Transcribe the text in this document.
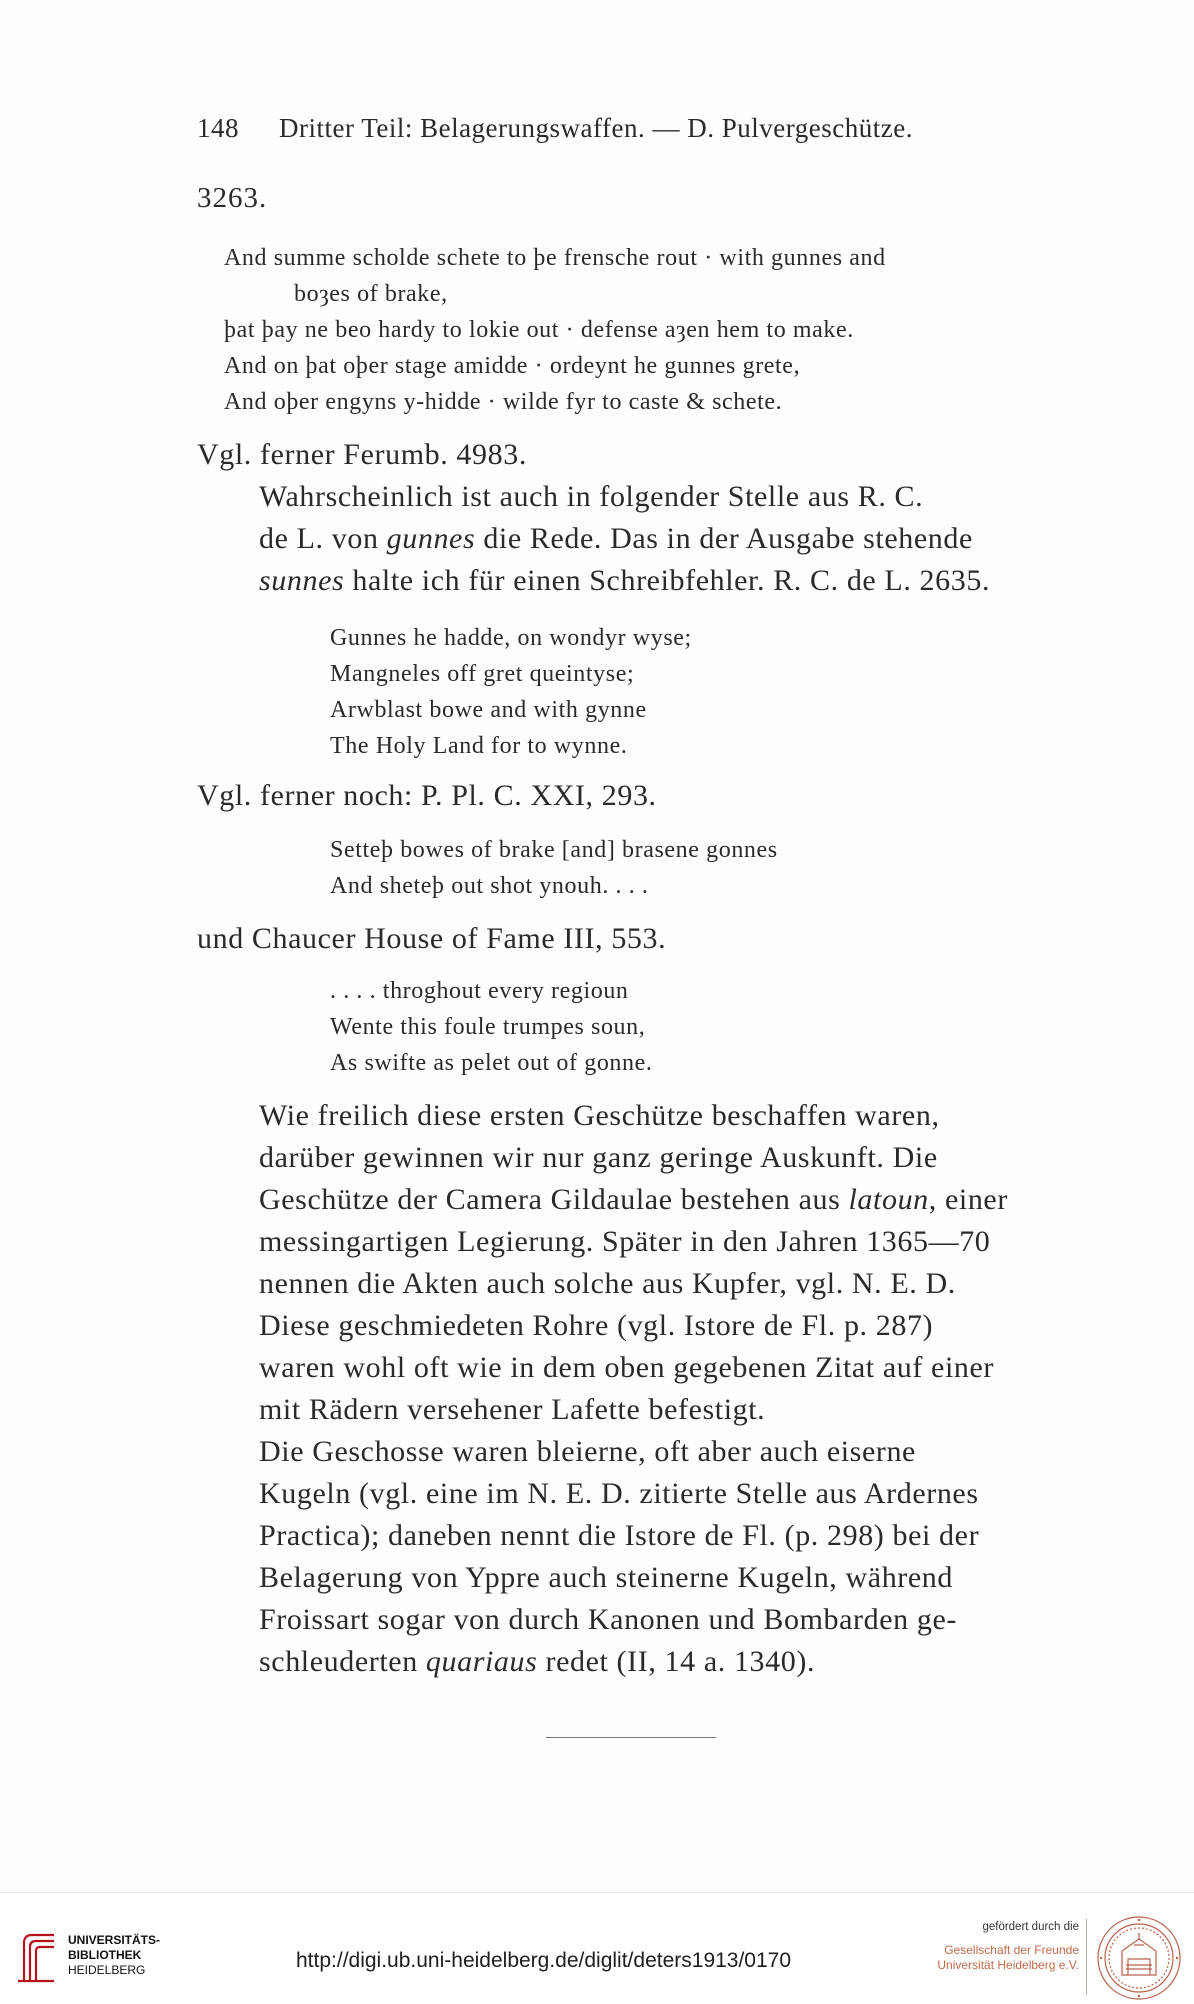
148 Dritter Teil: Belagerungswaffen. — D. Pulvergeschütze.
3263.
And summe scholde schete to þe frensche rout · with gunnes and
boȝes of brake,
þat þay ne beo hardy to lokie out · defense aȝen hem to make.
And on þat oþer stage amidde · ordeynt he gunnes grete,
And oþer engyns y-hidde · wilde fyr to caste & schete.

Vgl. ferner Ferumb. 4983.

Wahrscheinlich ist auch in folgender Stelle aus R. C.
de L. von gunnes die Rede. Das in der Ausgabe stehende
sunnes halte ich für einen Schreibfehler. R. C. de L. 2635.

Gunnes he hadde, on wondyr wyse;
Mangneles off gret queintyse;
Arwblast bowe and with gynne
The Holy Land for to wynne.

Vgl. ferner noch: P. Pl. C. XXI, 293.

Setteþ bowes of brake [and] brasene gonnes
And sheteþ out shot ynouh. . . .

und Chaucer House of Fame III, 553.

. . . . throghout every regioun
Wente this foule trumpes soun,
As swifte as pelet out of gonne.

Wie freilich diese ersten Geschütze beschaffen waren,
darüber gewinnen wir nur ganz geringe Auskunft. Die
Geschütze der Camera Gildaulae bestehen aus latoun, einer
messingartigen Legierung. Später in den Jahren 1365—70
nennen die Akten auch solche aus Kupfer, vgl. N. E. D.

Diese geschmiedeten Rohre (vgl. Istore de Fl. p. 287)
waren wohl oft wie in dem oben gegebenen Zitat auf einer
mit Rädern versehener Lafette befestigt.

Die Geschosse waren bleierne, oft aber auch eiserne
Kugeln (vgl. eine im N. E. D. zitierte Stelle aus Ardernes
Practica); daneben nennt die Istore de Fl. (p. 298) bei der
Belagerung von Yppre auch steinerne Kugeln, während
Froissart sogar von durch Kanonen und Bombarden ge-
schleuderten quariaus redet (II, 14 a. 1340).

UNIVERSITÄTS-
BIBLIOTHEK
HEIDELBERG	http://digi.ub.uni-heidelberg.de/diglit/deters1913/0170
gefördert durch die
Gesellschaft der Freunde
Universität Heidelberg e.V.
